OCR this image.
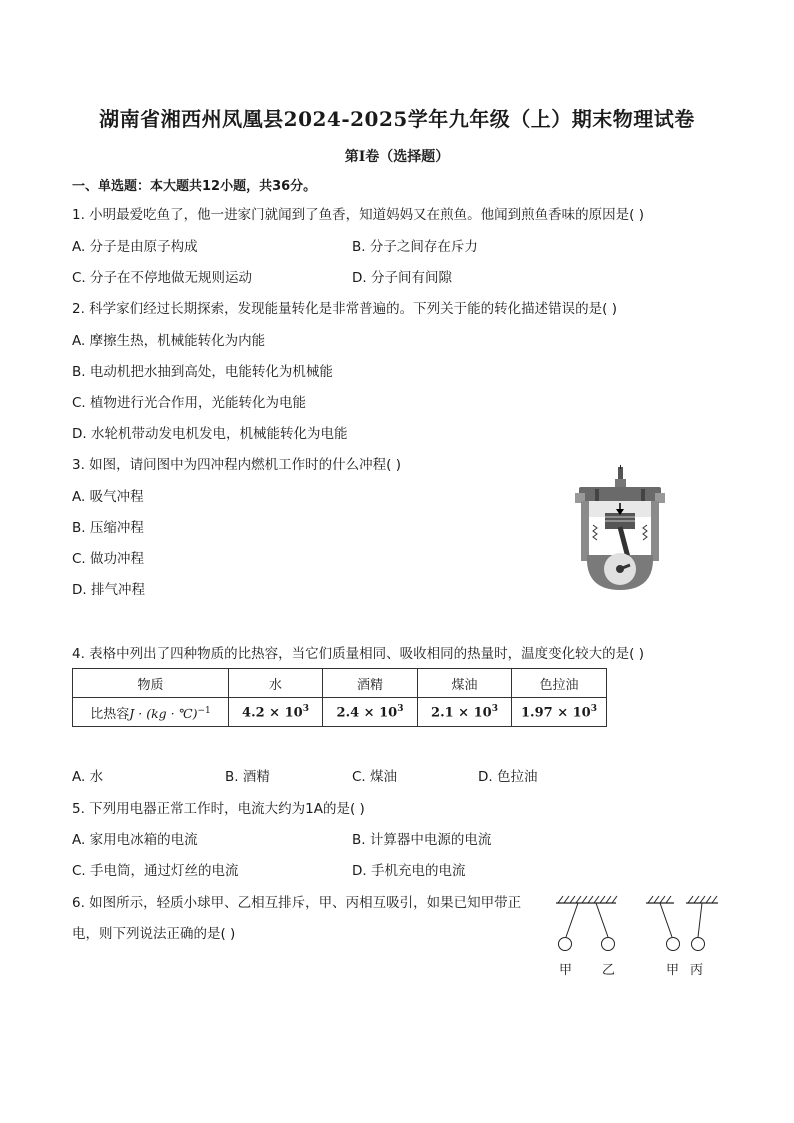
湖南省湘西州凤凰县2024-2025学年九年级（上）期末物理试卷
第I卷（选择题）
一、单选题：本大题共12小题，共36分。
1. 小明最爱吃鱼了，他一进家门就闻到了鱼香，知道妈妈又在煎鱼。他闻到煎鱼香味的原因是( )
A. 分子是由原子构成	B. 分子之间存在斥力
C. 分子在不停地做无规则运动	D. 分子间有间隙
2. 科学家们经过长期探索，发现能量转化是非常普遍的。下列关于能的转化描述错误的是( )
A. 摩擦生热，机械能转化为内能
B. 电动机把水抽到高处，电能转化为机械能
C. 植物进行光合作用，光能转化为电能
D. 水轮机带动发电机发电，机械能转化为电能
3. 如图，请问图中为四冲程内燃机工作时的什么冲程( )
A. 吸气冲程
B. 压缩冲程
C. 做功冲程
D. 排气冲程
4. 表格中列出了四种物质的比热容，当它们质量相同、吸收相同的热量时，温度变化较大的是( )
物质	水	酒精	煤油	色拉油
比热容J · (kg · ℃)$^{-1}$	$4.2 \times 10^3$	$2.4 \times 10^3$	$2.1 \times 10^3$	$1.97 \times 10^3$
A. 水	B. 酒精	C. 煤油	D. 色拉油
5. 下列用电器正常工作时，电流大约为1A的是( )
A. 家用电冰箱的电流	B. 计算器中电源的电流
C. 手电筒，通过灯丝的电流	D. 手机充电的电流
6. 如图所示，轻质小球甲、乙相互排斥，甲、丙相互吸引，如果已知甲带正
电，则下列说法正确的是( )
甲 乙	甲 丙
